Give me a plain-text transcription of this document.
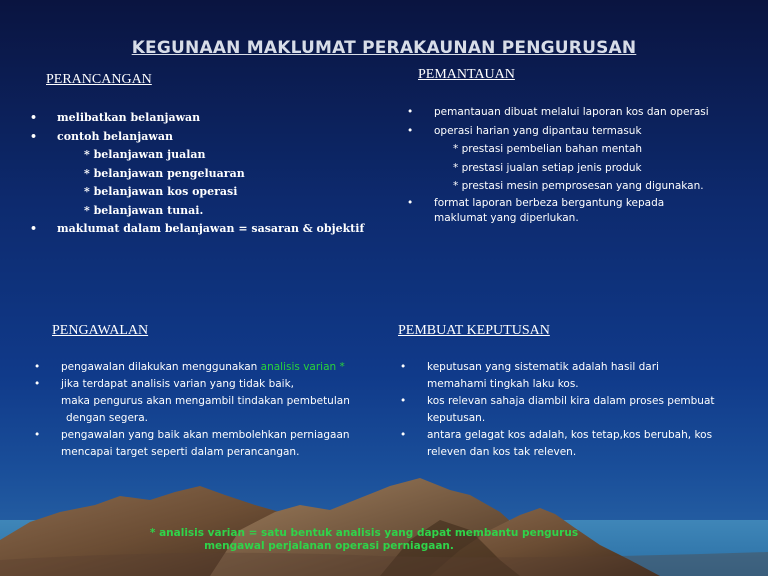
KEGUNAAN MAKLUMAT PERAKAUNAN PENGURUSAN
PERANCANGAN
• melibatkan belanjawan
• contoh belanjawan
* belanjawan jualan
* belanjawan pengeluaran
* belanjawan kos operasi
* belanjawan tunai.
• maklumat dalam belanjawan = sasaran & objektif
PEMANTAUAN
• pemantauan dibuat melalui laporan kos dan operasi
• operasi harian yang dipantau termasuk
* prestasi pembelian bahan mentah
* prestasi jualan setiap jenis produk
* prestasi mesin pemprosesan yang digunakan.
• format laporan berbeza bergantung kepada
maklumat yang diperlukan.
PENGAWALAN
• pengawalan dilakukan menggunakan analisis varian *
• jika terdapat analisis varian yang tidak baik,
maka pengurus akan mengambil tindakan pembetulan
dengan segera.
• pengawalan yang baik akan membolehkan perniagaan
mencapai target seperti dalam perancangan.
PEMBUAT KEPUTUSAN
• keputusan yang sistematik adalah hasil dari
memahami tingkah laku kos.
• kos relevan sahaja diambil kira dalam proses pembuat
keputusan.
• antara gelagat kos adalah, kos tetap,kos berubah, kos
releven dan kos tak releven.
* analisis varian = satu bentuk analisis yang dapat membantu pengurus
mengawal perjalanan operasi perniagaan.
